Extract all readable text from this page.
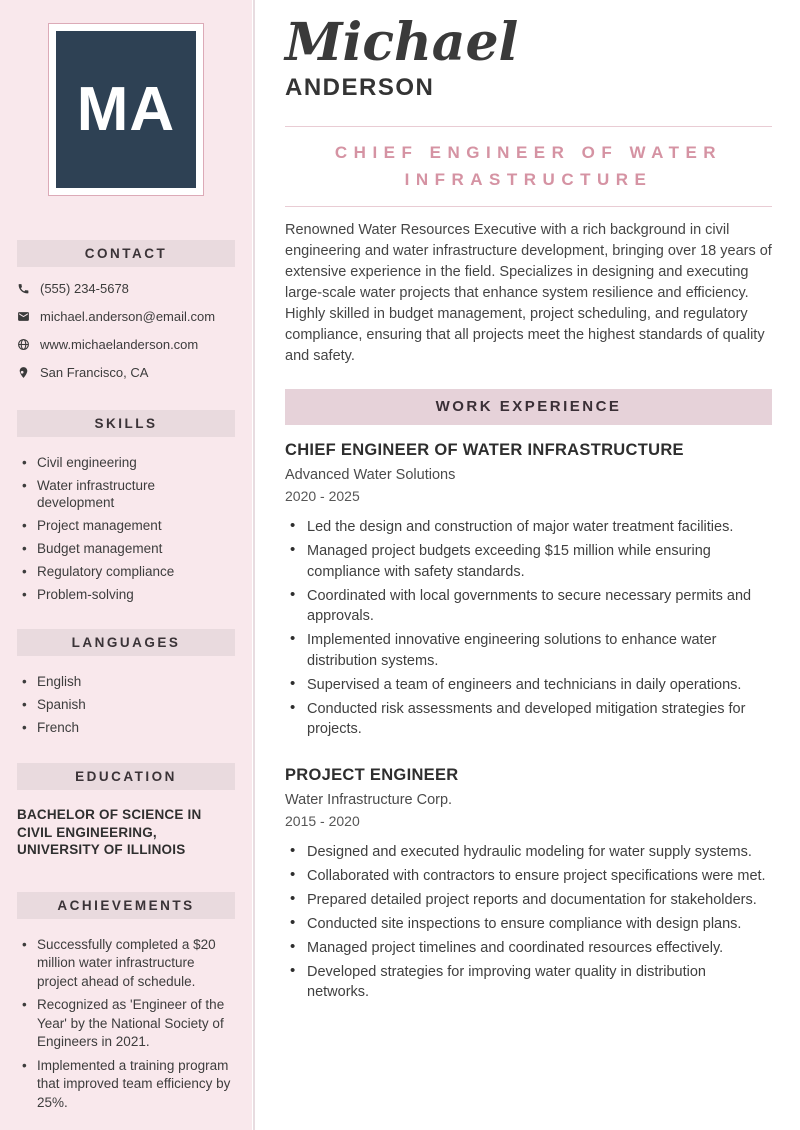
MA
CONTACT
(555) 234-5678
michael.anderson@email.com
www.michaelanderson.com
San Francisco, CA
SKILLS
• Civil engineering
• Water infrastructure development
• Project management
• Budget management
• Regulatory compliance
• Problem-solving
LANGUAGES
• English
• Spanish
• French
EDUCATION

BACHELOR OF SCIENCE IN CIVIL ENGINEERING, UNIVERSITY OF ILLINOIS

ACHIEVEMENTS
• Successfully completed a $20 million water infrastructure project ahead of schedule.
• Recognized as 'Engineer of the Year' by the National Society of Engineers in 2021.
• Implemented a training program that improved team efficiency by 25%.
Michael
ANDERSON
CHIEF ENGINEER OF WATER INFRASTRUCTURE

Renowned Water Resources Executive with a rich background in civil engineering and water infrastructure development, bringing over 18 years of extensive experience in the field. Specializes in designing and executing large-scale water projects that enhance system resilience and efficiency. Highly skilled in budget management, project scheduling, and regulatory compliance, ensuring that all projects meet the highest standards of quality and safety.

WORK EXPERIENCE
CHIEF ENGINEER OF WATER INFRASTRUCTURE
Advanced Water Solutions
2020 - 2025
• Led the design and construction of major water treatment facilities.
• Managed project budgets exceeding $15 million while ensuring compliance with safety standards.
• Coordinated with local governments to secure necessary permits and approvals.
• Implemented innovative engineering solutions to enhance water distribution systems.
• Supervised a team of engineers and technicians in daily operations.
• Conducted risk assessments and developed mitigation strategies for projects.
PROJECT ENGINEER
Water Infrastructure Corp.
2015 - 2020
• Designed and executed hydraulic modeling for water supply systems.
• Collaborated with contractors to ensure project specifications were met.
• Prepared detailed project reports and documentation for stakeholders.
• Conducted site inspections to ensure compliance with design plans.
• Managed project timelines and coordinated resources effectively.
• Developed strategies for improving water quality in distribution networks.
